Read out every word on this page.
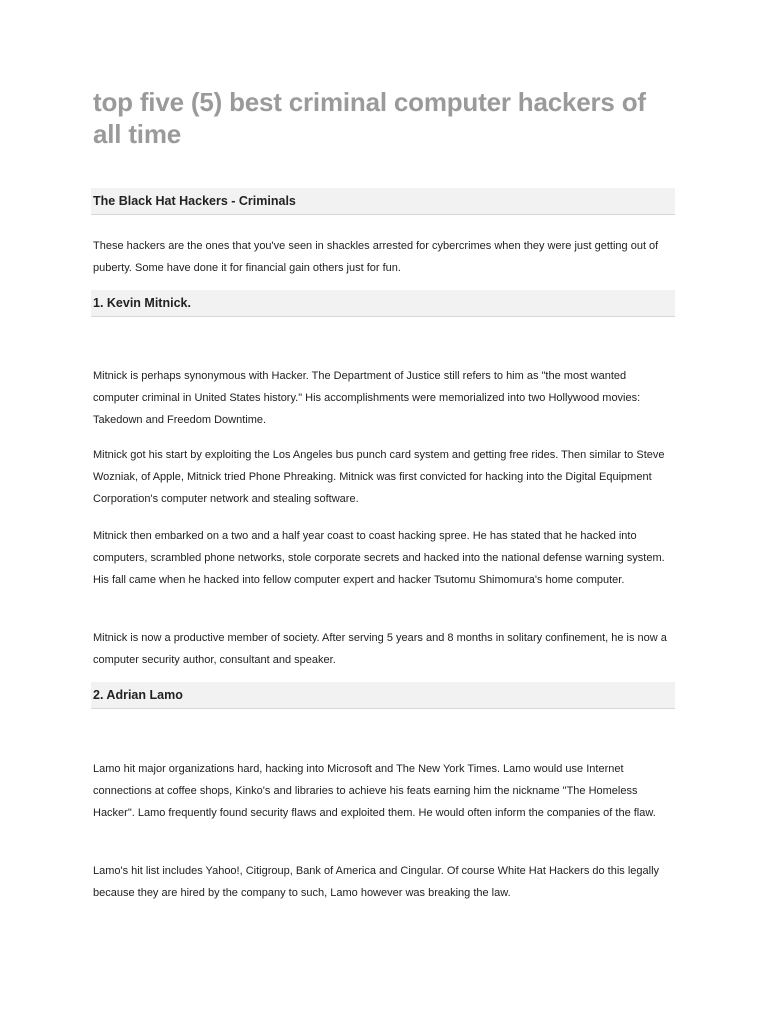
top five (5) best criminal computer hackers of all time
The Black Hat Hackers - Criminals

These hackers are the ones that you've seen in shackles arrested for cybercrimes when they were just getting out of puberty. Some have done it for financial gain others just for fun.

1. Kevin Mitnick.

Mitnick is perhaps synonymous with Hacker. The Department of Justice still refers to him as "the most wanted computer criminal in United States history." His accomplishments were memorialized into two Hollywood movies: Takedown and Freedom Downtime.

Mitnick got his start by exploiting the Los Angeles bus punch card system and getting free rides. Then similar to Steve Wozniak, of Apple, Mitnick tried Phone Phreaking. Mitnick was first convicted for hacking into the Digital Equipment Corporation's computer network and stealing software.

Mitnick then embarked on a two and a half year coast to coast hacking spree. He has stated that he hacked into computers, scrambled phone networks, stole corporate secrets and hacked into the national defense warning system. His fall came when he hacked into fellow computer expert and hacker Tsutomu Shimomura's home computer.

Mitnick is now a productive member of society. After serving 5 years and 8 months in solitary confinement, he is now a computer security author, consultant and speaker.

2. Adrian Lamo

Lamo hit major organizations hard, hacking into Microsoft and The New York Times. Lamo would use Internet connections at coffee shops, Kinko's and libraries to achieve his feats earning him the nickname "The Homeless Hacker". Lamo frequently found security flaws and exploited them. He would often inform the companies of the flaw.

Lamo's hit list includes Yahoo!, Citigroup, Bank of America and Cingular. Of course White Hat Hackers do this legally because they are hired by the company to such, Lamo however was breaking the law.
